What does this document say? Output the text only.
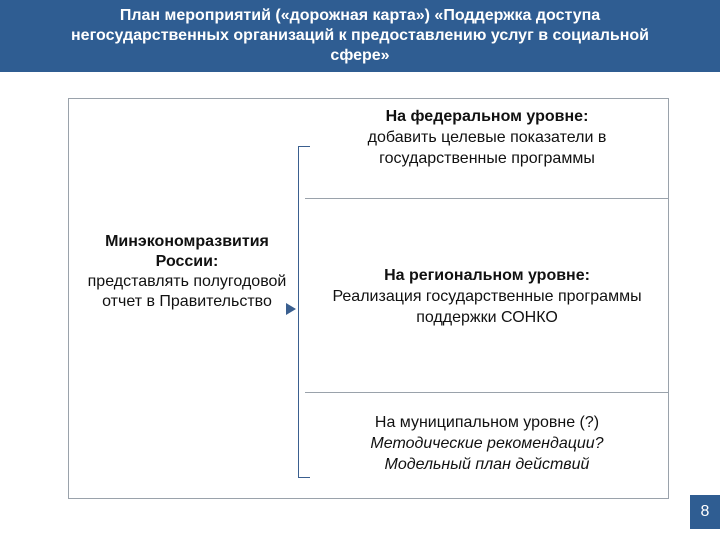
План мероприятий («дорожная карта») «Поддержка доступа негосударственных организаций к предоставлению услуг в социальной сфере»

Минэкономразвития России:
представлять полугодовой отчет в Правительство
На федеральном уровне:
добавить целевые показатели в государственные программы
На региональном уровне:
Реализация государственные программы поддержки СОНКО
На муниципальном уровне (?)
Методические рекомендации?
Модельный план действий
8
